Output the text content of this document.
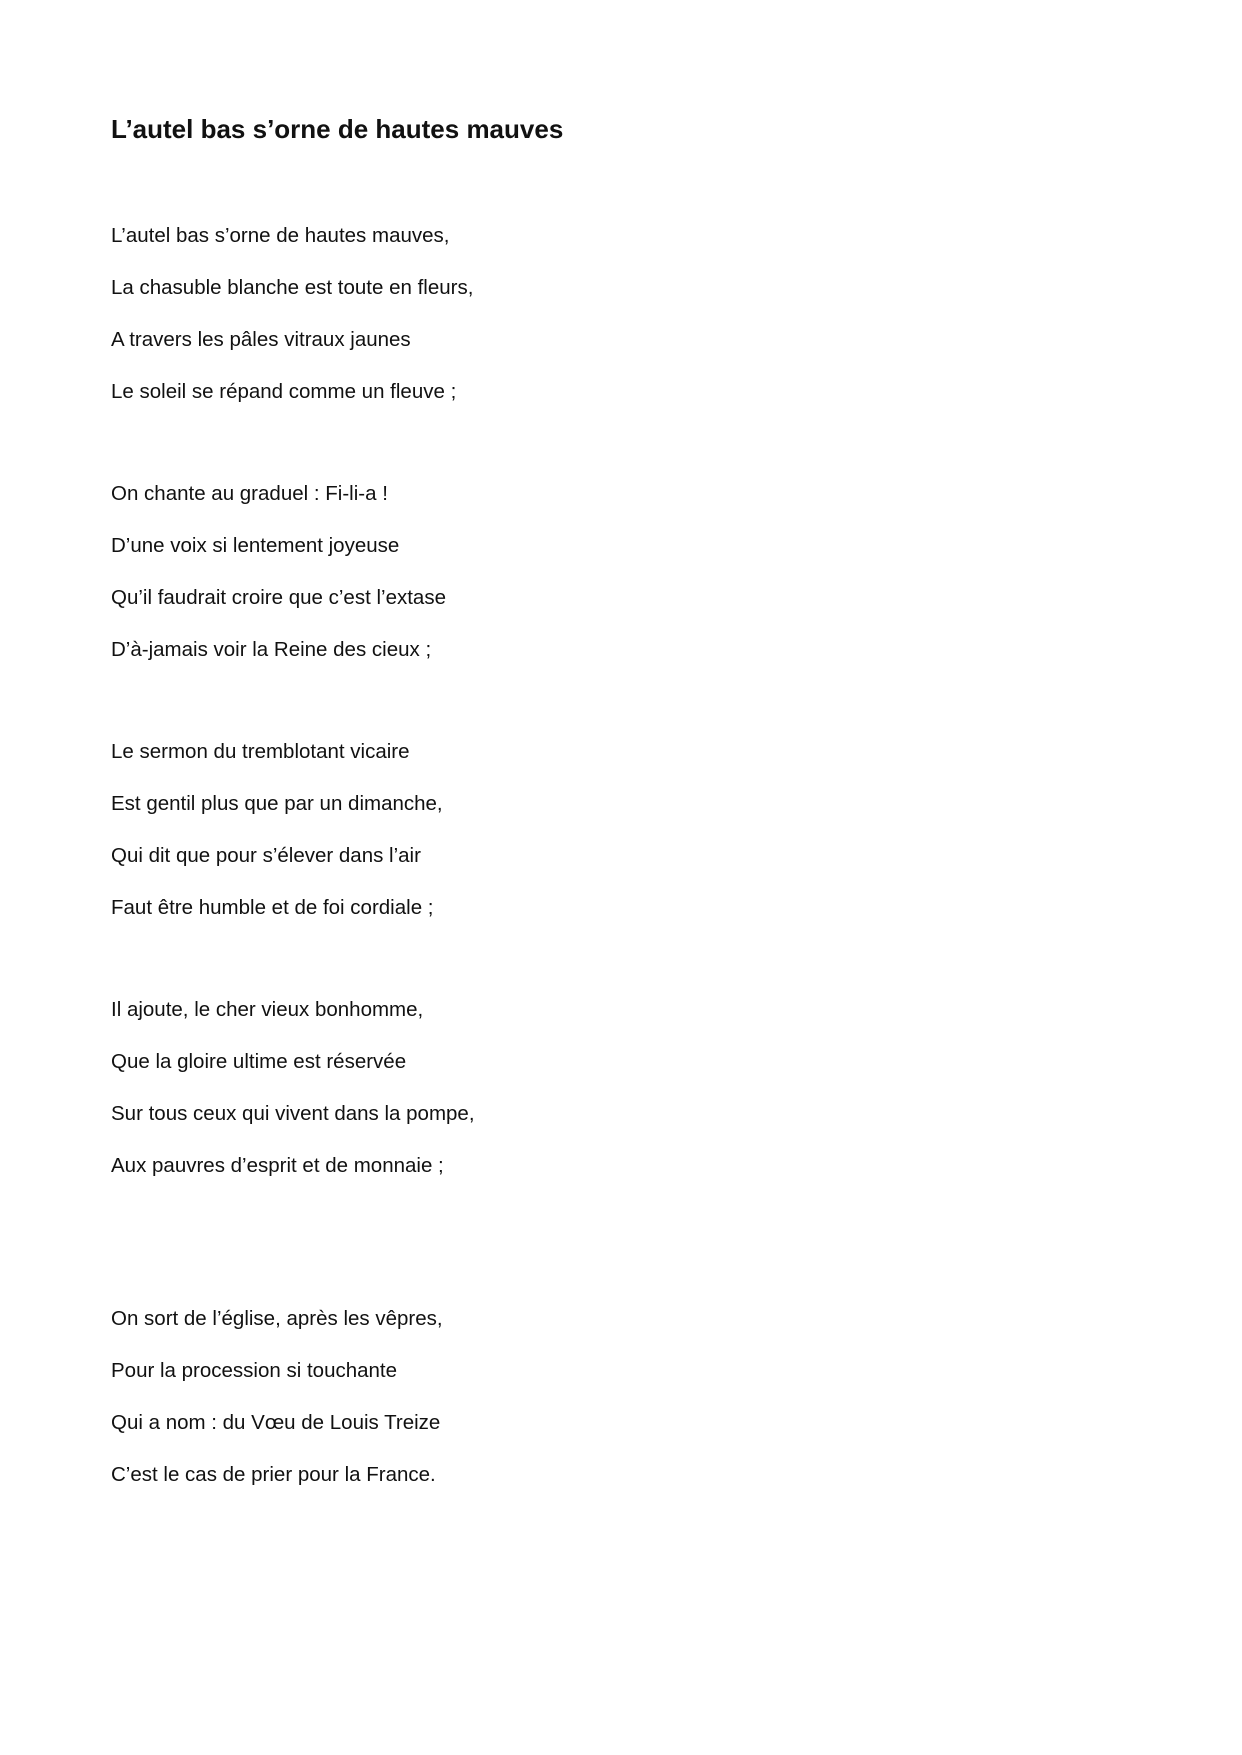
L’autel bas s’orne de hautes mauves
L’autel bas s’orne de hautes mauves,
La chasuble blanche est toute en fleurs,
A travers les pâles vitraux jaunes
Le soleil se répand comme un fleuve ;
On chante au graduel : Fi-li-a !
D’une voix si lentement joyeuse
Qu’il faudrait croire que c’est l’extase
D’à-jamais voir la Reine des cieux ;
Le sermon du tremblotant vicaire
Est gentil plus que par un dimanche,
Qui dit que pour s’élever dans l’air
Faut être humble et de foi cordiale ;
Il ajoute, le cher vieux bonhomme,
Que la gloire ultime est réservée
Sur tous ceux qui vivent dans la pompe,
Aux pauvres d’esprit et de monnaie ;
On sort de l’église, après les vêpres,
Pour la procession si touchante
Qui a nom : du Vœu de Louis Treize
C’est le cas de prier pour la France.
